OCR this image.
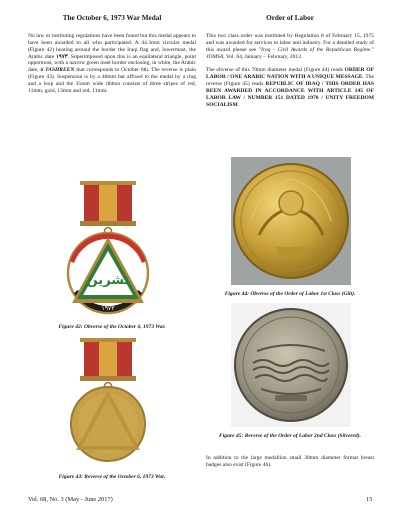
The October 6, 1973 War Medal

No law or instituting regulations have been found but this medal appears to have been awarded to all who participated. A 44.3mm circular medal (Figure 42) bearing around the border the Iraqi flag and, lowermost, the Arabic date ١٩٧٣. Superimposed upon this is an equilateral triangle, point uppermost, with a narrow green inset border enclosing, in white, the Arabic date, 6 TASHREEN that corresponds to October 6th. The reverse is plain (Figure 43). Suspension is by a 40mm bar affixed to the medal by a ring and a loop and the 35mm wide ribbon consists of three stripes of red, 11mm, gold, 13mm and red, 11mm.

تشرين
١٩٧٣

Figure 42: Obverse of the October 6, 1973 War.

Figure 43: Reverse of the October 6, 1973 War.

Order of Labor

This two class order was instituted by Regulation 8 of February 15, 1975 and was awarded for services to labor and industry. For a detailed study of this award please see "Iraq - Civil Awards of the Republican Regime." JOMSA, Vol. 64, January – February, 2012.

The obverse of this 70mm diameter medal (Figure 44) reads ORDER OF LABOR / ONE ARABIC NATION WITH A UNIQUE MESSAGE. The reverse (Figure 45) reads REPUBLIC OF IRAQ / THIS ORDER HAS BEEN AWARDED IN ACCORDANCE WITH ARTICLE 145 OF LABOR LAW / NUMBER 151 DATED 1970 / UNITY FREEDOM SOCIALISM.

Figure 44: Obverse of the Order of Labor 1st Class (Gilt).

Figure 45: Reverse of the Order of Labor 2nd Class (Silvered).

In addition to the large medallion small 30mm diameter format breast badges also exist (Figure 46).

Vol. 68, No. 3 (May - June 2017)	15
